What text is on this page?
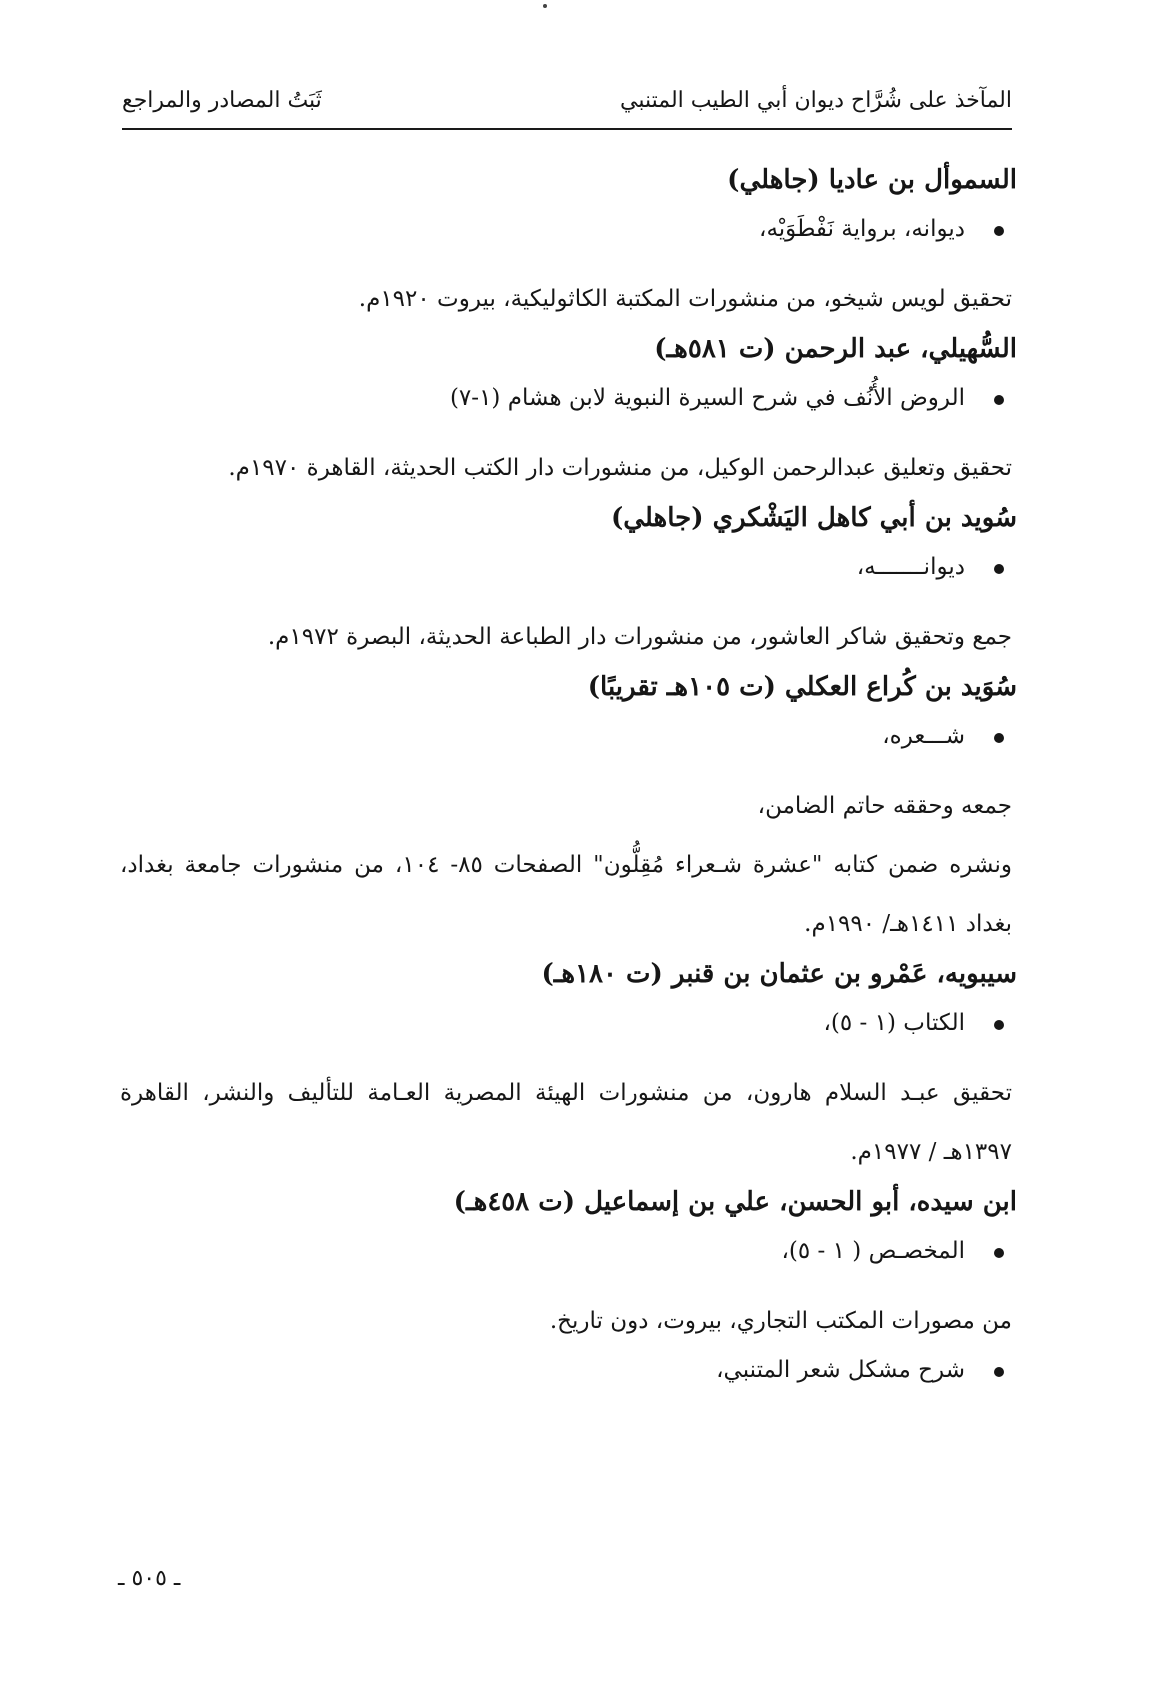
المآخذ على شُرَّاح ديوان أبي الطيب المتنبي
ثَبَتُ المصادر والمراجع
السموأل بن عاديا (جاهلي)
ديوانه، برواية نَفْطَوَيْه،
تحقيق لويس شيخو، من منشورات المكتبة الكاثوليكية، بيروت ١٩٢٠م.
السُّهيلي، عبد الرحمن (ت ٥٨١هـ)
الروض الأُنُف في شرح السيرة النبوية لابن هشام (١-٧)
تحقيق وتعليق عبدالرحمن الوكيل، من منشورات دار الكتب الحديثة، القاهرة ١٩٧٠م.
سُويد بن أبي كاهل اليَشْكري (جاهلي)
ديوانـــــــه،
جمع وتحقيق شاكر العاشور، من منشورات دار الطباعة الحديثة، البصرة ١٩٧٢م.
سُوَيد بن كُراع العكلي (ت ١٠٥هـ تقريبًا)
شـــعره،
جمعه وحققه حاتم الضامن،
ونشره ضمن كتابه "عشرة شـعراء مُقِلُّون" الصفحات ٨٥- ١٠٤، من منشورات جامعة بغداد، بغداد ١٤١١هـ/ ١٩٩٠م.
سيبويه، عَمْرو بن عثمان بن قنبر (ت ١٨٠هـ)
الكتاب (١ - ٥)،
تحقيق عبـد السلام هارون، من منشورات الهيئة المصرية العـامة للتأليف والنشر، القاهرة ١٣٩٧هـ / ١٩٧٧م.
ابن سيده، أبو الحسن، علي بن إسماعيل (ت ٤٥٨هـ)
المخصـص ( ١ - ٥)،
من مصورات المكتب التجاري، بيروت، دون تاريخ.
شرح مشكل شعر المتنبي،
ـ ٥٠٥ ـ
